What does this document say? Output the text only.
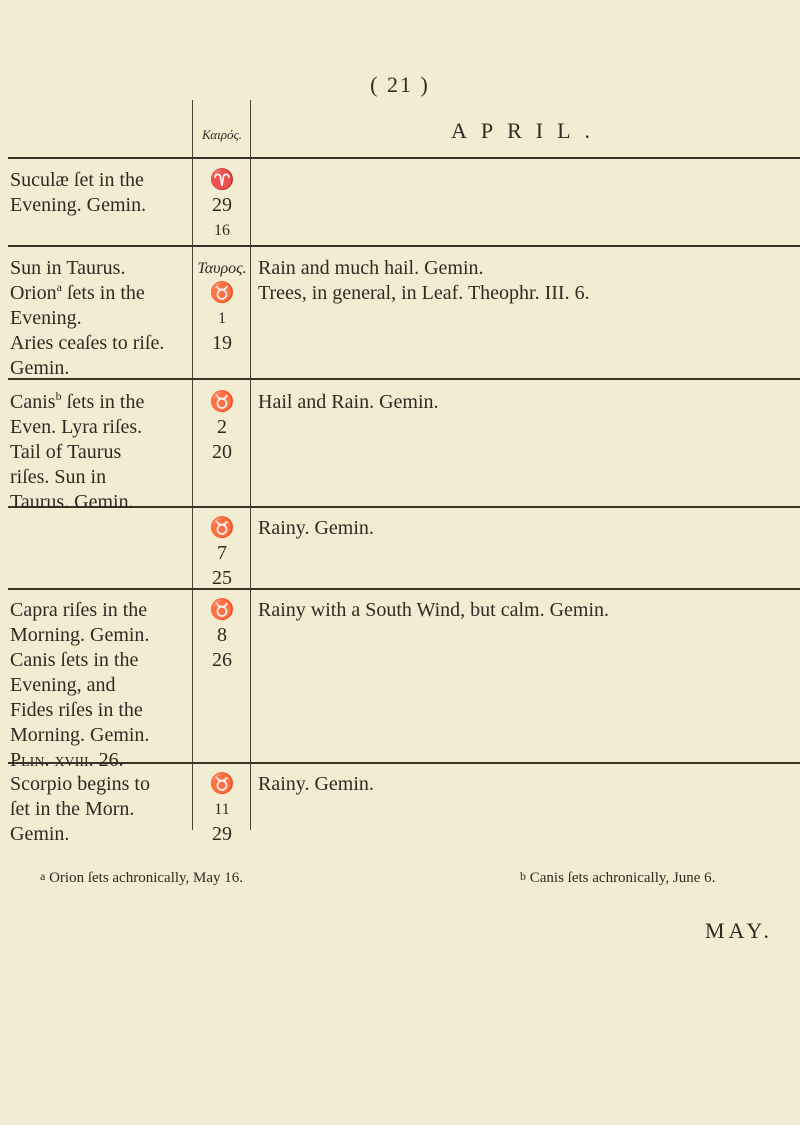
( 21 )
Καιρός.	APRIL.
Suculæ ſet in the
Evening. Gemin.
♈
29
16
Sun in Taurus.
Orion$^a$ ſets in the
Evening.
Aries ceaſes to riſe.
Gemin.
Ταυρος.
♉
1
19
Rain and much hail. Gemin.
Trees, in general, in Leaf. Theophr. III. 6.
Canis$^b$ ſets in the
Even. Lyra riſes.
Tail of Taurus
riſes. Sun in
Taurus. Gemin.
♉
2
20
Hail and Rain. Gemin.
♉
7
25
Rainy. Gemin.
Capra riſes in the
Morning. Gemin.
Canis ſets in the
Evening, and
Fides riſes in the
Morning. Gemin.
Plin. xviii. 26.
♉
8
26
Rainy with a South Wind, but calm. Gemin.
Scorpio begins to
ſet in the Morn.
Gemin.
♉
11
29
Rainy. Gemin.
$^a$ Orion ſets achronically, May 16.	$^b$ Canis ſets achronically, June 6.
MAY.
